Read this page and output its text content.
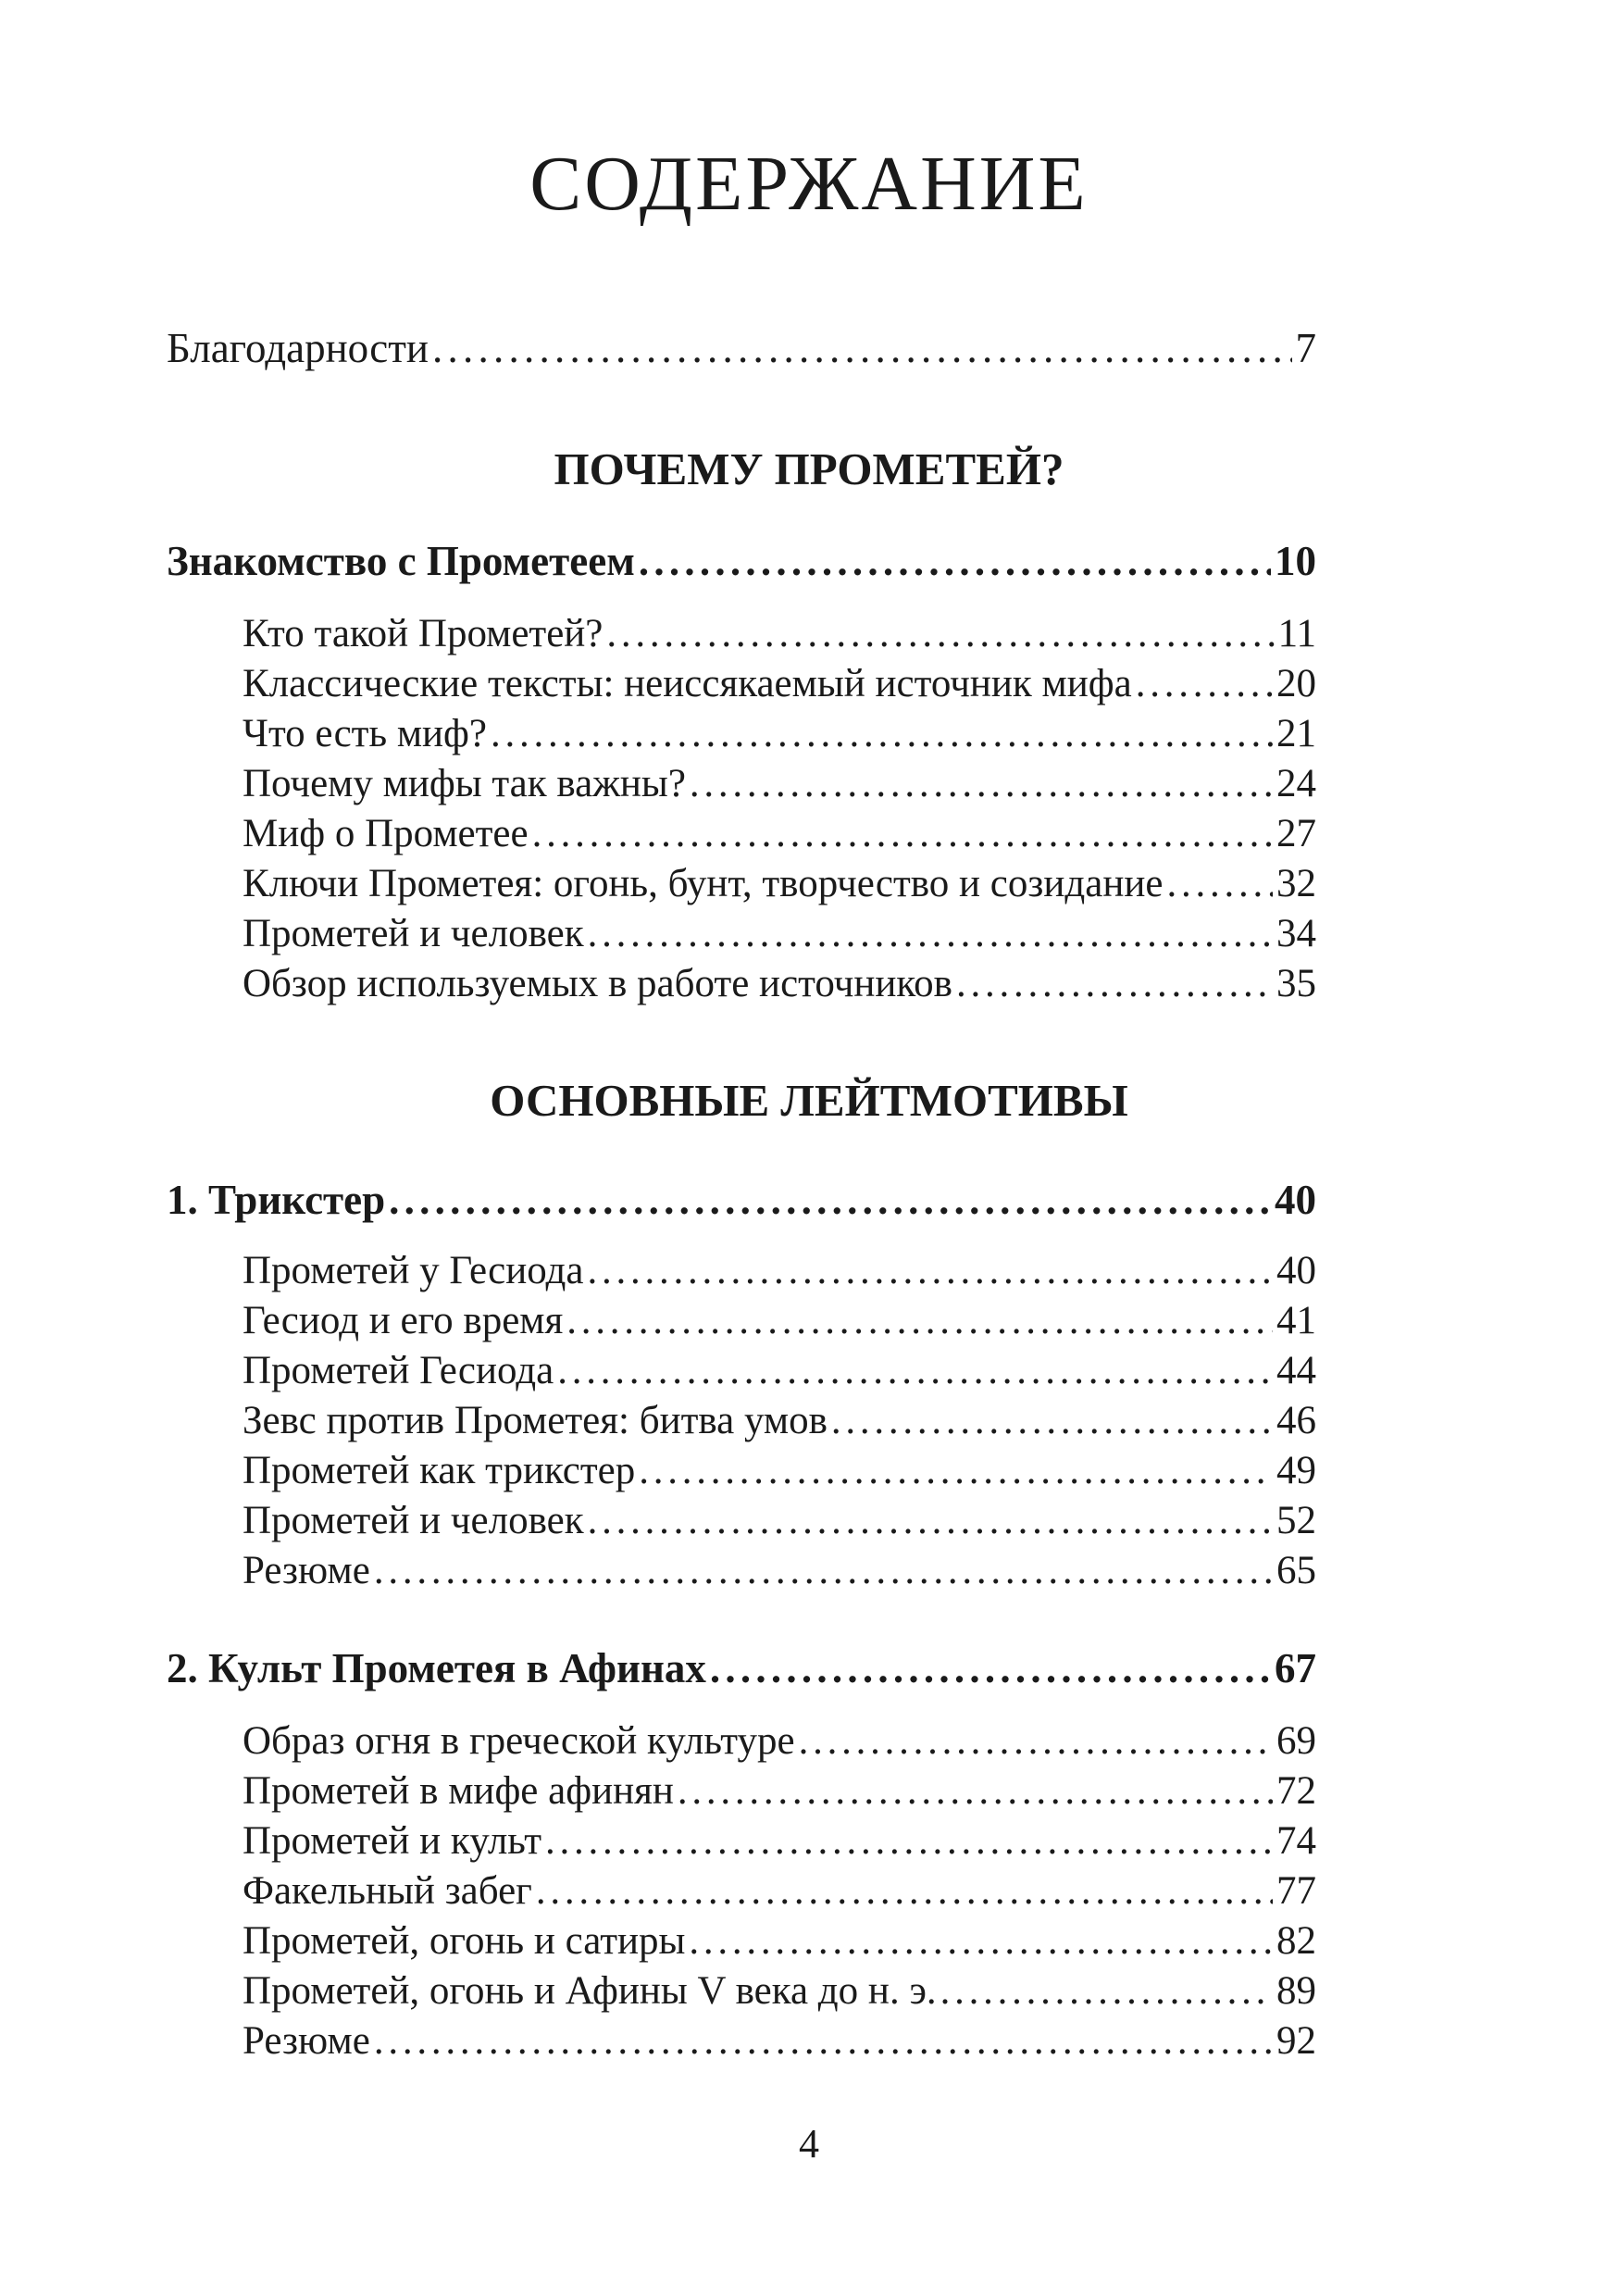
СОДЕРЖАНИЕ
Благодарности . . .	7
ПОЧЕМУ ПРОМЕТЕЙ?
Знакомство с Прометеем . . .	10
Кто такой Прометей? . . .	11
Классические тексты: неиссякаемый источник мифа . . .	20
Что есть миф? . . .	21
Почему мифы так важны? . . .	24
Миф о Прометее . . .	27
Ключи Прометея: огонь, бунт, творчество и созидание . . .	32
Прометей и человек . . .	34
Обзор используемых в работе источников . . .	35
ОСНОВНЫЕ ЛЕЙТМОТИВЫ
1. Трикстер . . .	40
Прометей у Гесиода . . .	40
Гесиод и его время . . .	41
Прометей Гесиода . . .	44
Зевс против Прометея: битва умов . . .	46
Прометей как трикстер . . .	49
Прометей и человек . . .	52
Резюме . . .	65
2. Культ Прометея в Афинах . . .	67
Образ огня в греческой культуре . . .	69
Прометей в мифе афинян . . .	72
Прометей и культ . . .	74
Факельный забег . . .	77
Прометей, огонь и сатиры . . .	82
Прометей, огонь и Афины V века до н. э. . . .	89
Резюме . . .	92
4
